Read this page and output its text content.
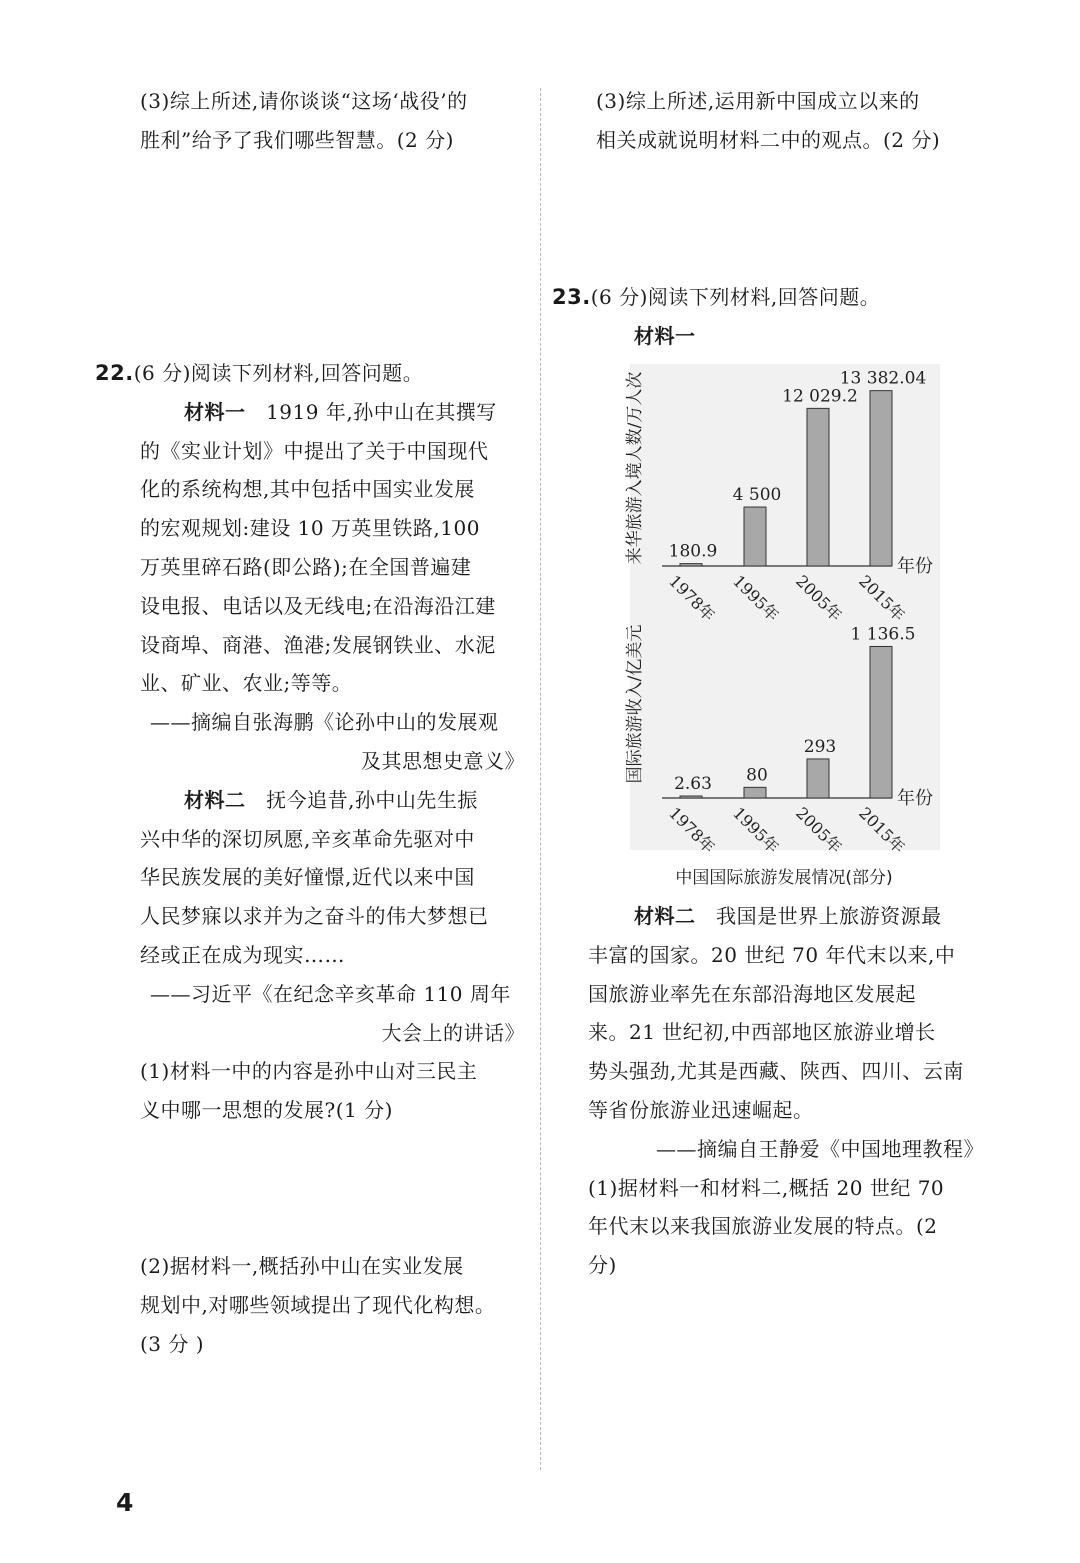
(3)综上所述,请你谈谈“这场‘战役’的
胜利”给予了我们哪些智慧。(2 分)
22.(6 分)阅读下列材料,回答问题。
材料一 1919 年,孙中山在其撰写
的《实业计划》中提出了关于中国现代
化的系统构想,其中包括中国实业发展
的宏观规划:建设 10 万英里铁路,100
万英里碎石路(即公路);在全国普遍建
设电报、电话以及无线电;在沿海沿江建
设商埠、商港、渔港;发展钢铁业、水泥
业、矿业、农业;等等。
——摘编自张海鹏《论孙中山的发展观
及其思想史意义》
材料二 抚今追昔,孙中山先生振
兴中华的深切夙愿,辛亥革命先驱对中
华民族发展的美好憧憬,近代以来中国
人民梦寐以求并为之奋斗的伟大梦想已
经或正在成为现实……
——习近平《在纪念辛亥革命 110 周年
大会上的讲话》
(1)材料一中的内容是孙中山对三民主
义中哪一思想的发展?(1 分)
(2)据材料一,概括孙中山在实业发展
规划中,对哪些领域提出了现代化构想。
(3 分 )
(3)综上所述,运用新中国成立以来的
相关成就说明材料二中的观点。(2 分)
23.(6 分)阅读下列材料,回答问题。
材料一
来华旅游入境人数/万人次
年份
180.9
1978年
4 500
1995年
12 029.2
2005年
13 382.04
2015年
国际旅游收入/亿美元
年份
2.63
1978年
80
1995年
293
2005年
1 136.5
2015年
中国国际旅游发展情况(部分)
材料二 我国是世界上旅游资源最
丰富的国家。20 世纪 70 年代末以来,中
国旅游业率先在东部沿海地区发展起
来。21 世纪初,中西部地区旅游业增长
势头强劲,尤其是西藏、陕西、四川、云南
等省份旅游业迅速崛起。
——摘编自王静爱《中国地理教程》
(1)据材料一和材料二,概括 20 世纪 70
年代末以来我国旅游业发展的特点。(2
分)
4
